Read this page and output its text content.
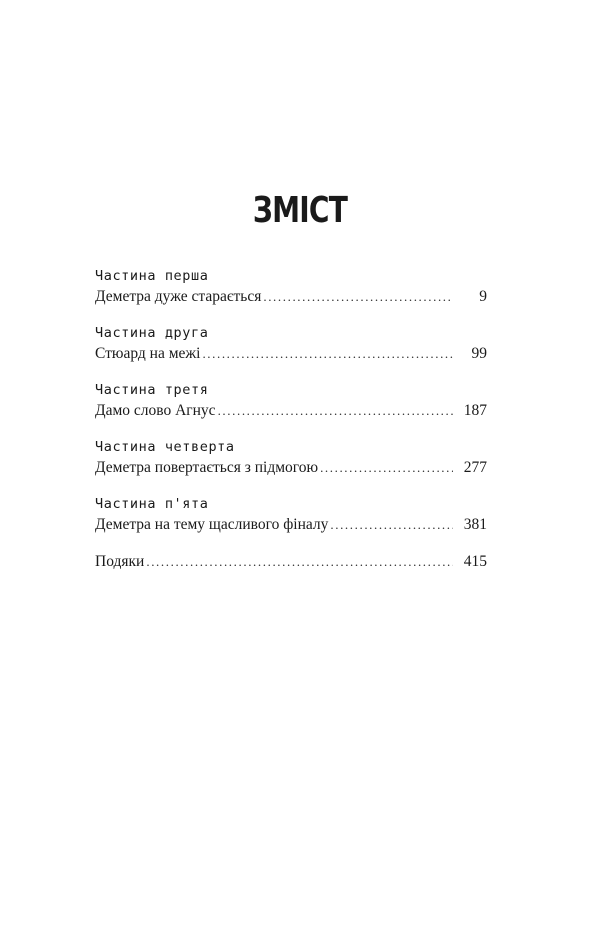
ЗМІСТ
Частина перша
Деметра дуже старається .....	9
Частина друга
Стюард на межі .....	99
Частина третя
Дамо слово Агнус .....	187
Частина четверта
Деметра повертається з підмогою .....	277
Частина п'ята
Деметра на тему щасливого фіналу .....	381
Подяки .....	415
